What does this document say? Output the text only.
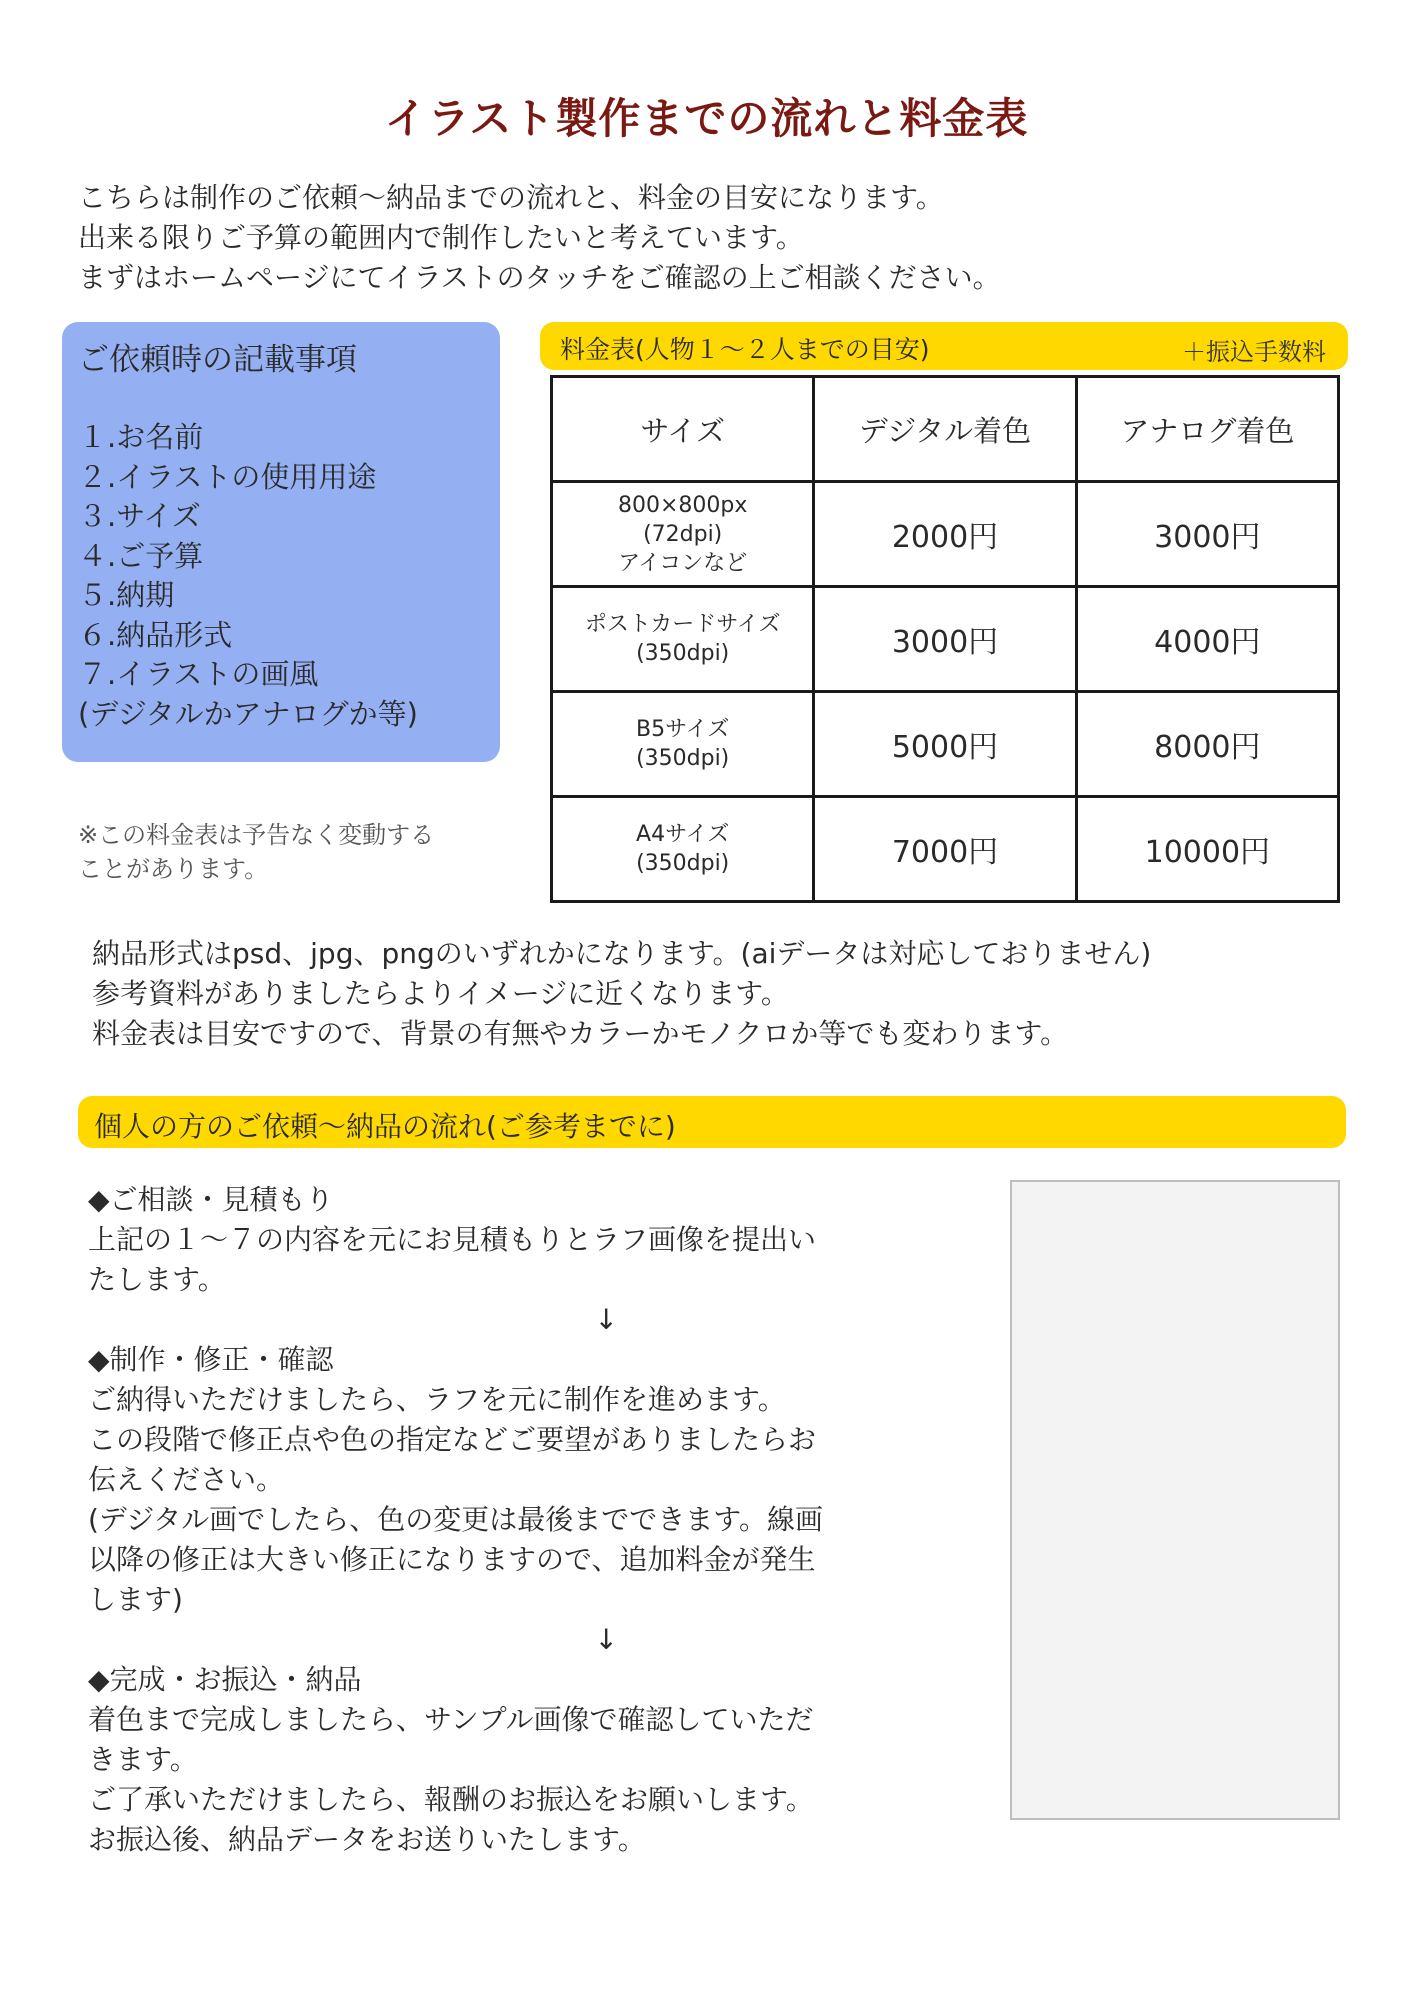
イラスト製作までの流れと料金表
こちらは制作のご依頼〜納品までの流れと、料金の目安になります。
出来る限りご予算の範囲内で制作したいと考えています。
まずはホームページにてイラストのタッチをご確認の上ご相談ください。
ご依頼時の記載事項
１.お名前
２.イラストの使用用途
３.サイズ
４.ご予算
５.納期
６.納品形式
７.イラストの画風
(デジタルかアナログか等)
料金表(人物１〜２人までの目安)	＋振込手数料
サイズ	デジタル着色	アナログ着色

800×800px
(72dpi)
アイコンなど	2000円	3000円

ポストカードサイズ
(350dpi)	3000円	4000円

B5サイズ
(350dpi)	5000円	8000円

A4サイズ
(350dpi)	7000円	10000円
※この料金表は予告なく変動する
ことがあります。
納品形式はpsd、jpg、pngのいずれかになります。(aiデータは対応しておりません)
参考資料がありましたらよりイメージに近くなります。
料金表は目安ですので、背景の有無やカラーかモノクロか等でも変わります。
個人の方のご依頼〜納品の流れ(ご参考までに)
◆ご相談・見積もり
上記の１〜７の内容を元にお見積もりとラフ画像を提出い
たします。
↓
◆制作・修正・確認
ご納得いただけましたら、ラフを元に制作を進めます。
この段階で修正点や色の指定などご要望がありましたらお
伝えください。
(デジタル画でしたら、色の変更は最後までできます。線画
以降の修正は大きい修正になりますので、追加料金が発生
します)
↓
◆完成・お振込・納品
着色まで完成しましたら、サンプル画像で確認していただ
きます。
ご了承いただけましたら、報酬のお振込をお願いします。
お振込後、納品データをお送りいたします。
